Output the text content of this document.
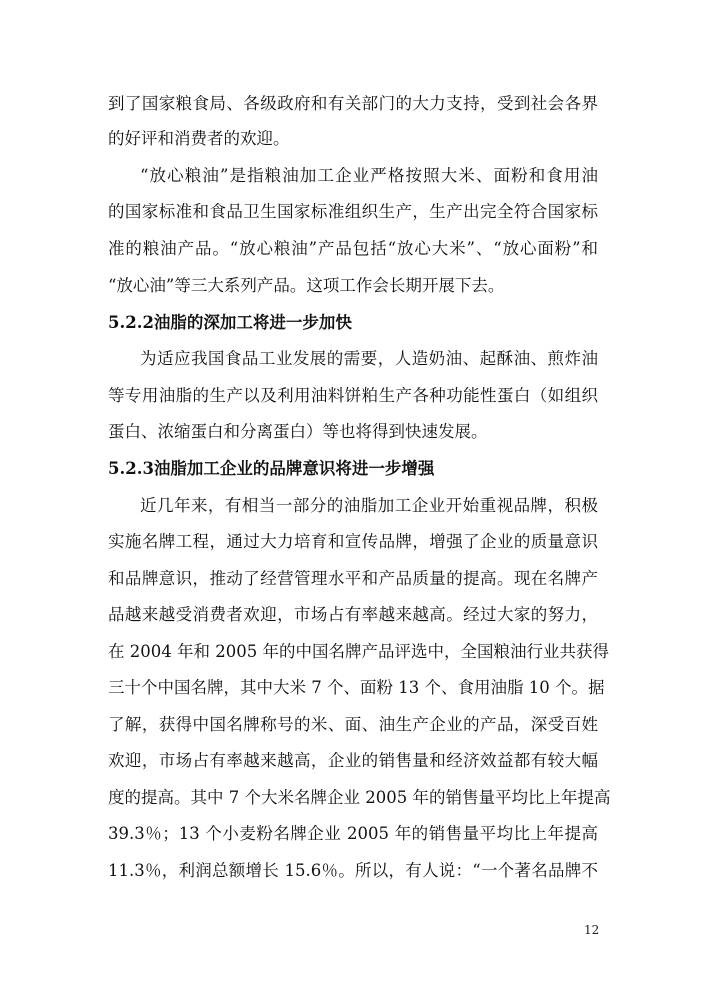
到了国家粮食局、各级政府和有关部门的大力支持，受到社会各界
的好评和消费者的欢迎。
“放心粮油”是指粮油加工企业严格按照大米、面粉和食用油
的国家标准和食品卫生国家标准组织生产，生产出完全符合国家标
准的粮油产品。“放心粮油”产品包括“放心大米”、“放心面粉”和
“放心油”等三大系列产品。这项工作会长期开展下去。
5.2.2油脂的深加工将进一步加快
为适应我国食品工业发展的需要，人造奶油、起酥油、煎炸油
等专用油脂的生产以及利用油料饼粕生产各种功能性蛋白（如组织
蛋白、浓缩蛋白和分离蛋白）等也将得到快速发展。
5.2.3油脂加工企业的品牌意识将进一步增强
近几年来，有相当一部分的油脂加工企业开始重视品牌，积极
实施名牌工程，通过大力培育和宣传品牌，增强了企业的质量意识
和品牌意识，推动了经营管理水平和产品质量的提高。现在名牌产
品越来越受消费者欢迎，市场占有率越来越高。经过大家的努力，
在 2004 年和 2005 年的中国名牌产品评选中，全国粮油行业共获得
三十个中国名牌，其中大米 7 个、面粉 13 个、食用油脂 10 个。据
了解，获得中国名牌称号的米、面、油生产企业的产品，深受百姓
欢迎，市场占有率越来越高，企业的销售量和经济效益都有较大幅
度的提高。其中 7 个大米名牌企业 2005 年的销售量平均比上年提高
39.3％；13 个小麦粉名牌企业 2005 年的销售量平均比上年提高
11.3％，利润总额增长 15.6％。所以，有人说：“一个著名品牌不
12
